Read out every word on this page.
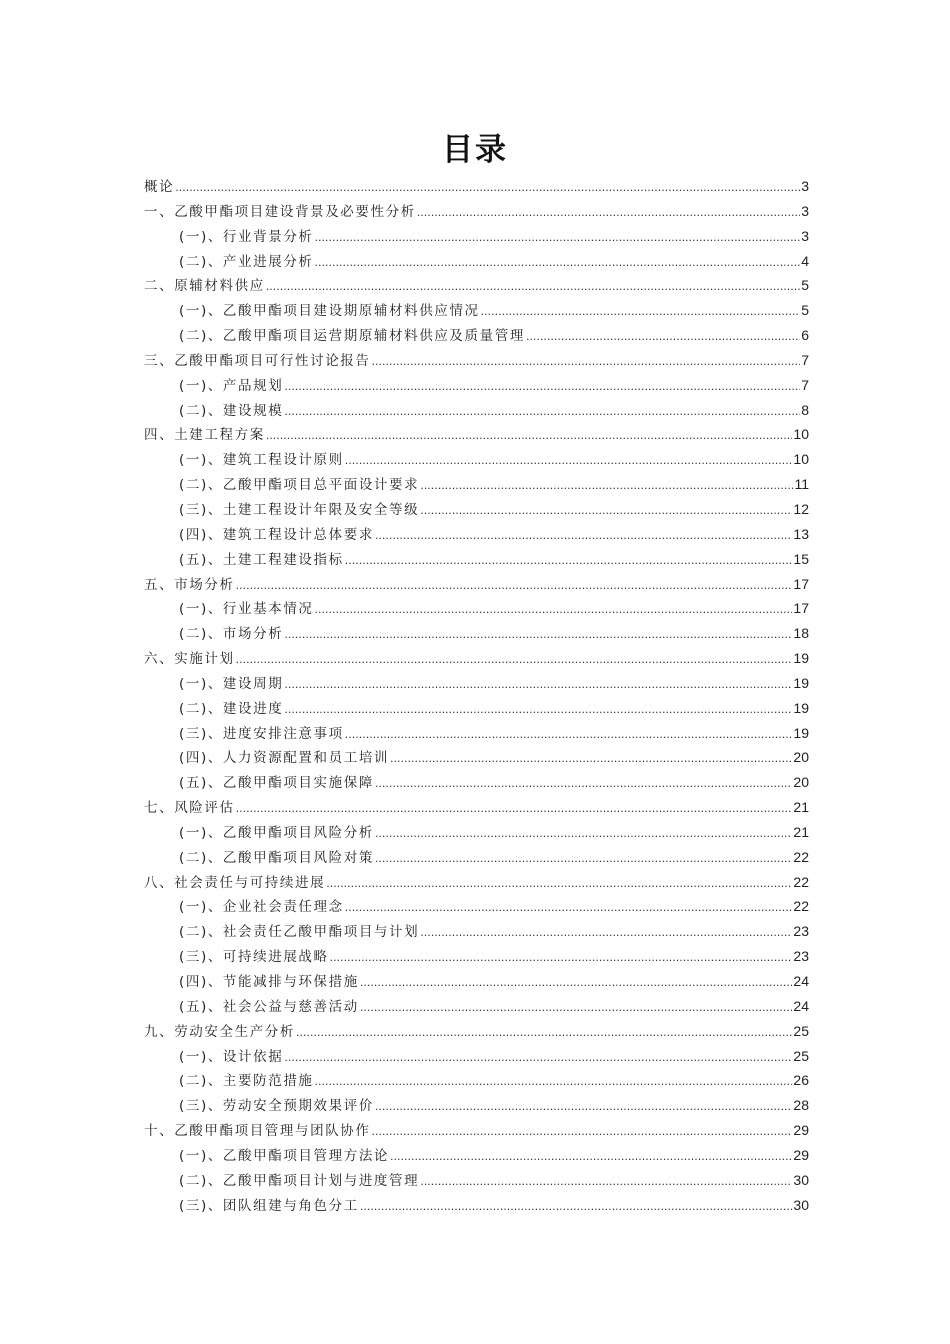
目录
概论 .....	3
一、乙酸甲酯项目建设背景及必要性分析 .....	3
(一)、行业背景分析 .....	3
(二)、产业进展分析 .....	4
二、原辅材料供应 .....	5
(一)、乙酸甲酯项目建设期原辅材料供应情况 .....	5
(二)、乙酸甲酯项目运营期原辅材料供应及质量管理 .....	6
三、乙酸甲酯项目可行性讨论报告 .....	7
(一)、产品规划 .....	7
(二)、建设规模 .....	8
四、土建工程方案 .....	10
(一)、建筑工程设计原则 .....	10
(二)、乙酸甲酯项目总平面设计要求 .....	11
(三)、土建工程设计年限及安全等级 .....	12
(四)、建筑工程设计总体要求 .....	13
(五)、土建工程建设指标 .....	15
五、市场分析 .....	17
(一)、行业基本情况 .....	17
(二)、市场分析 .....	18
六、实施计划 .....	19
(一)、建设周期 .....	19
(二)、建设进度 .....	19
(三)、进度安排注意事项 .....	19
(四)、人力资源配置和员工培训 .....	20
(五)、乙酸甲酯项目实施保障 .....	20
七、风险评估 .....	21
(一)、乙酸甲酯项目风险分析 .....	21
(二)、乙酸甲酯项目风险对策 .....	22
八、社会责任与可持续进展 .....	22
(一)、企业社会责任理念 .....	22
(二)、社会责任乙酸甲酯项目与计划 .....	23
(三)、可持续进展战略 .....	23
(四)、节能减排与环保措施 .....	24
(五)、社会公益与慈善活动 .....	24
九、劳动安全生产分析 .....	25
(一)、设计依据 .....	25
(二)、主要防范措施 .....	26
(三)、劳动安全预期效果评价 .....	28
十、乙酸甲酯项目管理与团队协作 .....	29
(一)、乙酸甲酯项目管理方法论 .....	29
(二)、乙酸甲酯项目计划与进度管理 .....	30
(三)、团队组建与角色分工 .....	30
